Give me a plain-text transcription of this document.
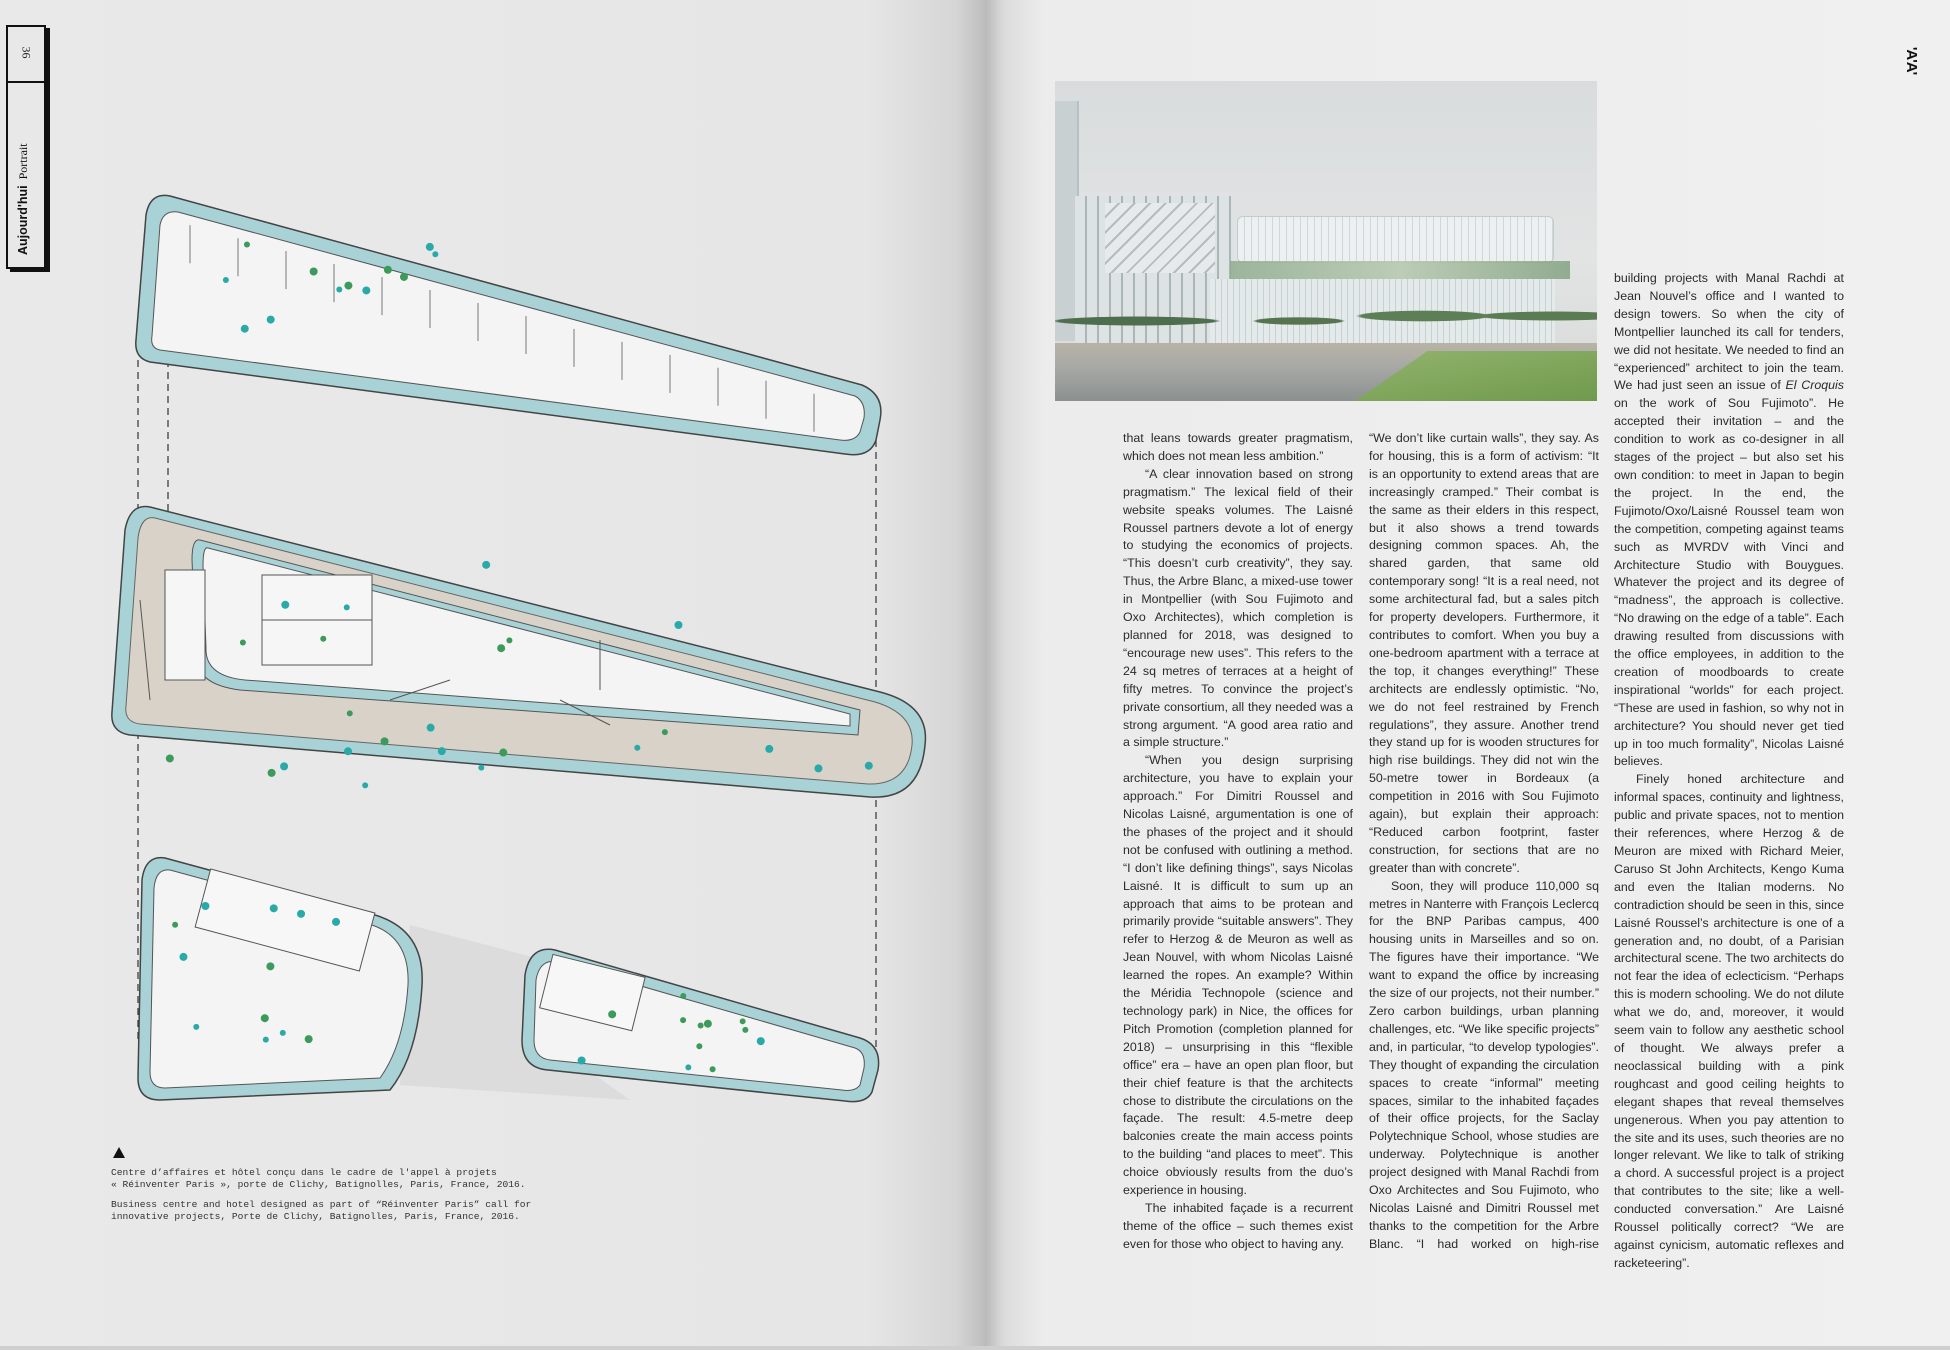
36
Aujourd'huiPortrait

Centre d’affaires et hôtel conçu dans le cadre de l'appel à projets
« Réinventer Paris », porte de Clichy, Batignolles, Paris, France, 2016.

Business centre and hotel designed as part of “Réinventer Paris” call for
innovative projects, Porte de Clichy, Batignolles, Paris, France, 2016.

'A'A'

that leans towards greater pragmatism, which does not mean less ambition.”

“A clear innovation based on strong pragmatism.” The lexical field of their website speaks volumes. The Laisné Roussel partners devote a lot of energy to studying the economics of projects. “This doesn’t curb creativity”, they say. Thus, the Arbre Blanc, a mixed-use tower in Montpellier (with Sou Fujimoto and Oxo Architectes), which completion is planned for 2018, was designed to “encourage new uses”. This refers to the 24 sq metres of terraces at a height of fifty metres. To convince the project’s private consortium, all they needed was a strong argument. “A good area ratio and a simple structure.”

“When you design surprising architecture, you have to explain your approach.” For Dimitri Roussel and Nicolas Laisné, argumentation is one of the phases of the project and it should not be confused with outlining a method. “I don’t like defining things”, says Nicolas Laisné. It is difficult to sum up an approach that aims to be protean and primarily provide “suitable answers”. They refer to Herzog & de Meuron as well as Jean Nouvel, with whom Nicolas Laisné learned the ropes. An example? Within the Méridia Technopole (science and technology park) in Nice, the offices for Pitch Promotion (completion planned for 2018) – unsurprising in this “flexible office” era – have an open plan floor, but their chief feature is that the architects chose to distribute the circulations on the façade. The result: 4.5-metre deep balconies create the main access points to the building “and places to meet”. This choice obviously results from the duo’s experience in housing.

The inhabited façade is a recurrent theme of the office – such themes exist even for those who object to having any.

“We don’t like curtain walls”, they say. As for housing, this is a form of activism: “It is an opportunity to extend areas that are increasingly cramped.” Their combat is the same as their elders in this respect, but it also shows a trend towards designing common spaces. Ah, the shared garden, that same old contemporary song! “It is a real need, not some architectural fad, but a sales pitch for property developers. Furthermore, it contributes to comfort. When you buy a one-bedroom apartment with a terrace at the top, it changes everything!” These architects are endlessly optimistic. “No, we do not feel restrained by French regulations”, they assure. Another trend they stand up for is wooden structures for high rise buildings. They did not win the 50-metre tower in Bordeaux (a competition in 2016 with Sou Fujimoto again), but explain their approach: “Reduced carbon footprint, faster construction, for sections that are no greater than with concrete”.

Soon, they will produce 110,000 sq metres in Nanterre with François Leclercq for the BNP Paribas campus, 400 housing units in Marseilles and so on. The figures have their importance. “We want to expand the office by increasing the size of our projects, not their number.” Zero carbon buildings, urban planning challenges, etc. “We like specific projects” and, in particular, “to develop typologies”. They thought of expanding the circulation spaces to create “informal” meeting spaces, similar to the inhabited façades of their office projects, for the Saclay Polytechnique School, whose studies are underway. Polytechnique is another project designed with Manal Rachdi from Oxo Architectes and Sou Fujimoto, who Nicolas Laisné and Dimitri Roussel met thanks to the competition for the Arbre Blanc. “I had worked on high-rise

building projects with Manal Rachdi at Jean Nouvel’s office and I wanted to design towers. So when the city of Montpellier launched its call for tenders, we did not hesitate. We needed to find an “experienced” architect to join the team. We had just seen an issue of El Croquis on the work of Sou Fujimoto”. He accepted their invitation – and the condition to work as co-designer in all stages of the project – but also set his own condition: to meet in Japan to begin the project. In the end, the Fujimoto/Oxo/Laisné Roussel team won the competition, competing against teams such as MVRDV with Vinci and Architecture Studio with Bouygues. Whatever the project and its degree of “madness”, the approach is collective. “No drawing on the edge of a table”. Each drawing resulted from discussions with the office employees, in addition to the creation of moodboards to create inspirational “worlds” for each project. “These are used in fashion, so why not in architecture? You should never get tied up in too much formality”, Nicolas Laisné believes.

Finely honed architecture and informal spaces, continuity and lightness, public and private spaces, not to mention their references, where Herzog & de Meuron are mixed with Richard Meier, Caruso St John Architects, Kengo Kuma and even the Italian moderns. No contradiction should be seen in this, since Laisné Roussel’s architecture is one of a generation and, no doubt, of a Parisian architectural scene. The two architects do not fear the idea of eclecticism. “Perhaps this is modern schooling. We do not dilute what we do, and, moreover, it would seem vain to follow any aesthetic school of thought. We always prefer a neoclassical building with a pink roughcast and good ceiling heights to elegant shapes that reveal themselves ungenerous. When you pay attention to the site and its uses, such theories are no longer relevant. We like to talk of striking a chord. A successful project is a project that contributes to the site; like a well-conducted conversation.” Are Laisné Roussel politically correct? “We are against cynicism, automatic reflexes and racketeering”.
